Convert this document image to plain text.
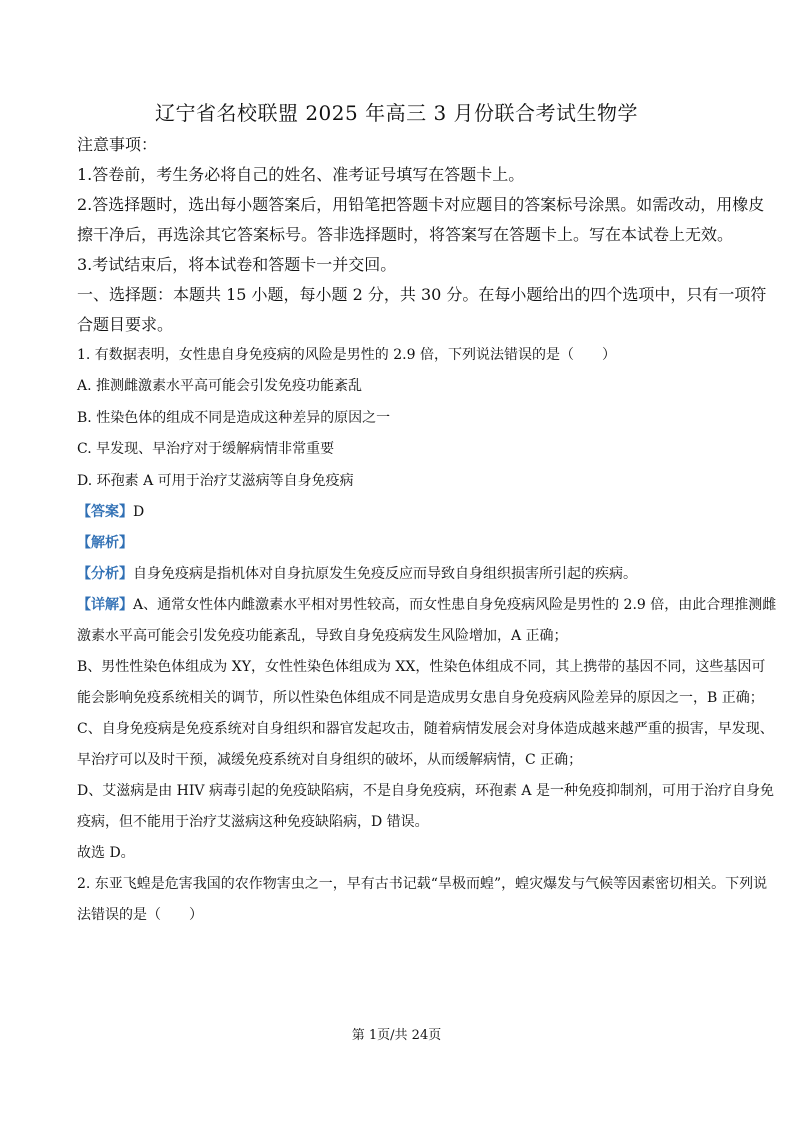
辽宁省名校联盟 2025 年高三 3 月份联合考试生物学

注意事项：

1.答卷前，考生务必将自己的姓名、准考证号填写在答题卡上。

2.答选择题时，选出每小题答案后，用铅笔把答题卡对应题目的答案标号涂黑。如需改动，用橡皮擦干净后，再选涂其它答案标号。答非选择题时，将答案写在答题卡上。写在本试卷上无效。

3.考试结束后，将本试卷和答题卡一并交回。

一、选择题：本题共 15 小题，每小题 2 分，共 30 分。在每小题给出的四个选项中，只有一项符合题目要求。

1. 有数据表明，女性患自身免疫病的风险是男性的 2.9 倍，下列说法错误的是（　　）

A. 推测雌激素水平高可能会引发免疫功能紊乱

B. 性染色体的组成不同是造成这种差异的原因之一

C. 早发现、早治疗对于缓解病情非常重要

D. 环孢素 A 可用于治疗艾滋病等自身免疫病

【答案】D

【解析】

【分析】自身免疫病是指机体对自身抗原发生免疫反应而导致自身组织损害所引起的疾病。

【详解】A、通常女性体内雌激素水平相对男性较高，而女性患自身免疫病风险是男性的 2.9 倍，由此合理推测雌激素水平高可能会引发免疫功能紊乱，导致自身免疫病发生风险增加，A 正确；

B、男性性染色体组成为 XY，女性性染色体组成为 XX，性染色体组成不同，其上携带的基因不同，这些基因可能会影响免疫系统相关的调节，所以性染色体组成不同是造成男女患自身免疫病风险差异的原因之一，B 正确；

C、自身免疫病是免疫系统对自身组织和器官发起攻击，随着病情发展会对身体造成越来越严重的损害，早发现、早治疗可以及时干预，减缓免疫系统对自身组织的破坏，从而缓解病情，C 正确；

D、艾滋病是由 HIV 病毒引起的免疫缺陷病，不是自身免疫病，环孢素 A 是一种免疫抑制剂，可用于治疗自身免疫病，但不能用于治疗艾滋病这种免疫缺陷病，D 错误。

故选 D。

2. 东亚飞蝗是危害我国的农作物害虫之一，早有古书记载“旱极而蝗”，蝗灾爆发与气候等因素密切相关。下列说法错误的是（　　）

第 1页/共 24页
